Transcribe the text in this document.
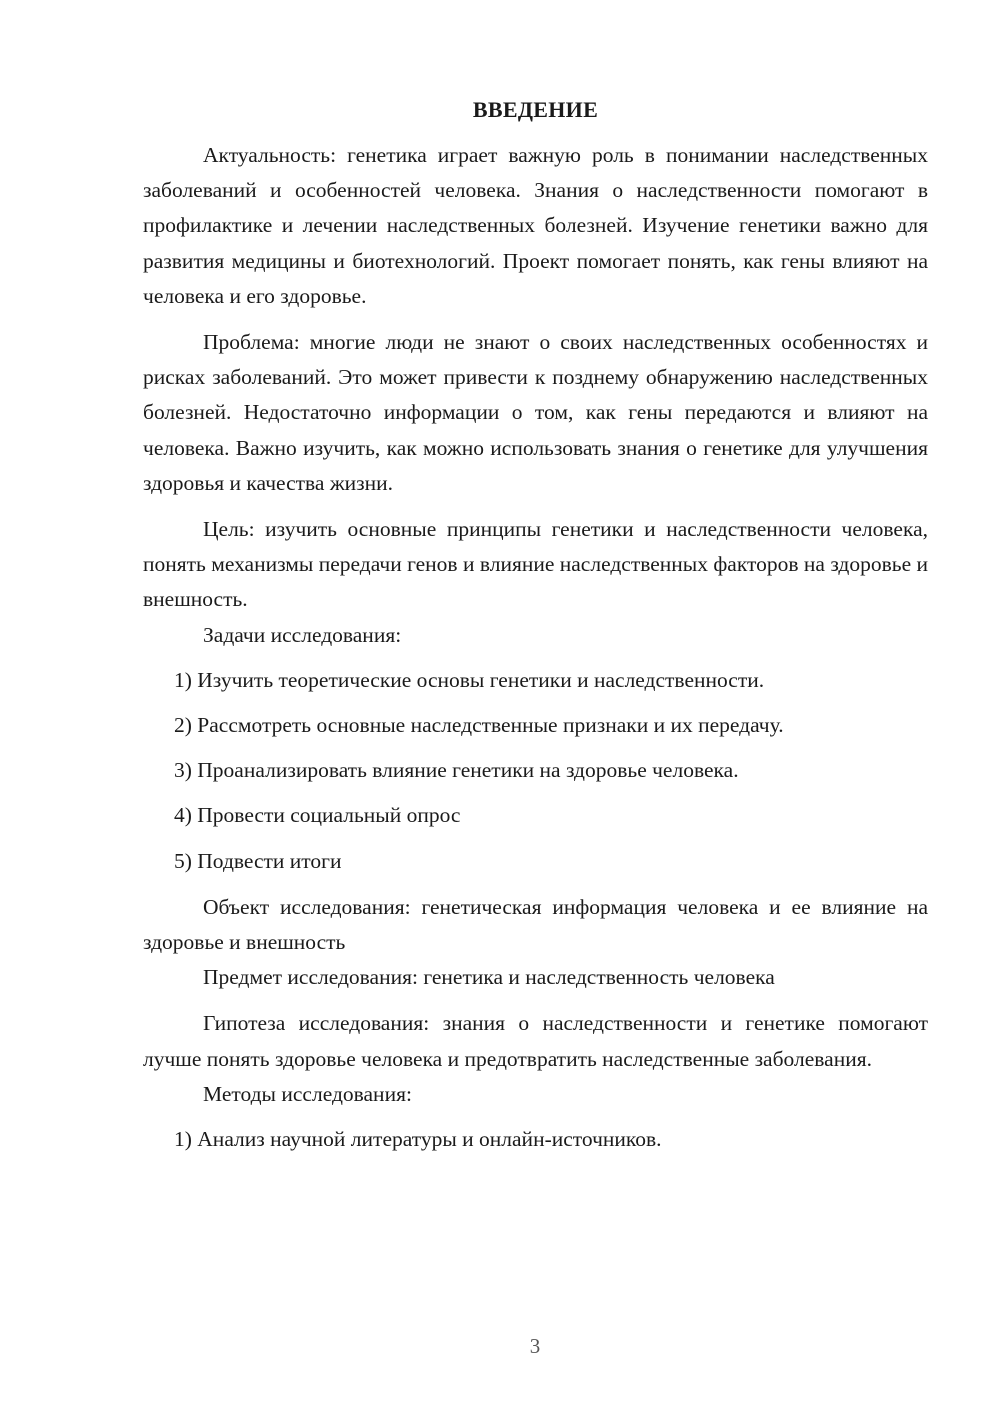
ВВЕДЕНИЕ

Актуальность: генетика играет важную роль в понимании наследственных заболеваний и особенностей человека. Знания о наследственности помогают в профилактике и лечении наследственных болезней. Изучение генетики важно для развития медицины и биотехнологий. Проект помогает понять, как гены влияют на человека и его здоровье.

Проблема: многие люди не знают о своих наследственных особенностях и рисках заболеваний. Это может привести к позднему обнаружению наследственных болезней. Недостаточно информации о том, как гены передаются и влияют на человека. Важно изучить, как можно использовать знания о генетике для улучшения здоровья и качества жизни.

Цель: изучить основные принципы генетики и наследственности человека, понять механизмы передачи генов и влияние наследственных факторов на здоровье и внешность.

Задачи исследования:

1) Изучить теоретические основы генетики и наследственности.

2) Рассмотреть основные наследственные признаки и их передачу.

3) Проанализировать влияние генетики на здоровье человека.

4) Провести социальный опрос

5) Подвести итоги

Объект исследования: генетическая информация человека и ее влияние на здоровье и внешность

Предмет исследования: генетика и наследственность человека

Гипотеза исследования: знания о наследственности и генетике помогают лучше понять здоровье человека и предотвратить наследственные заболевания.

Методы исследования:

1) Анализ научной литературы и онлайн-источников.

3
